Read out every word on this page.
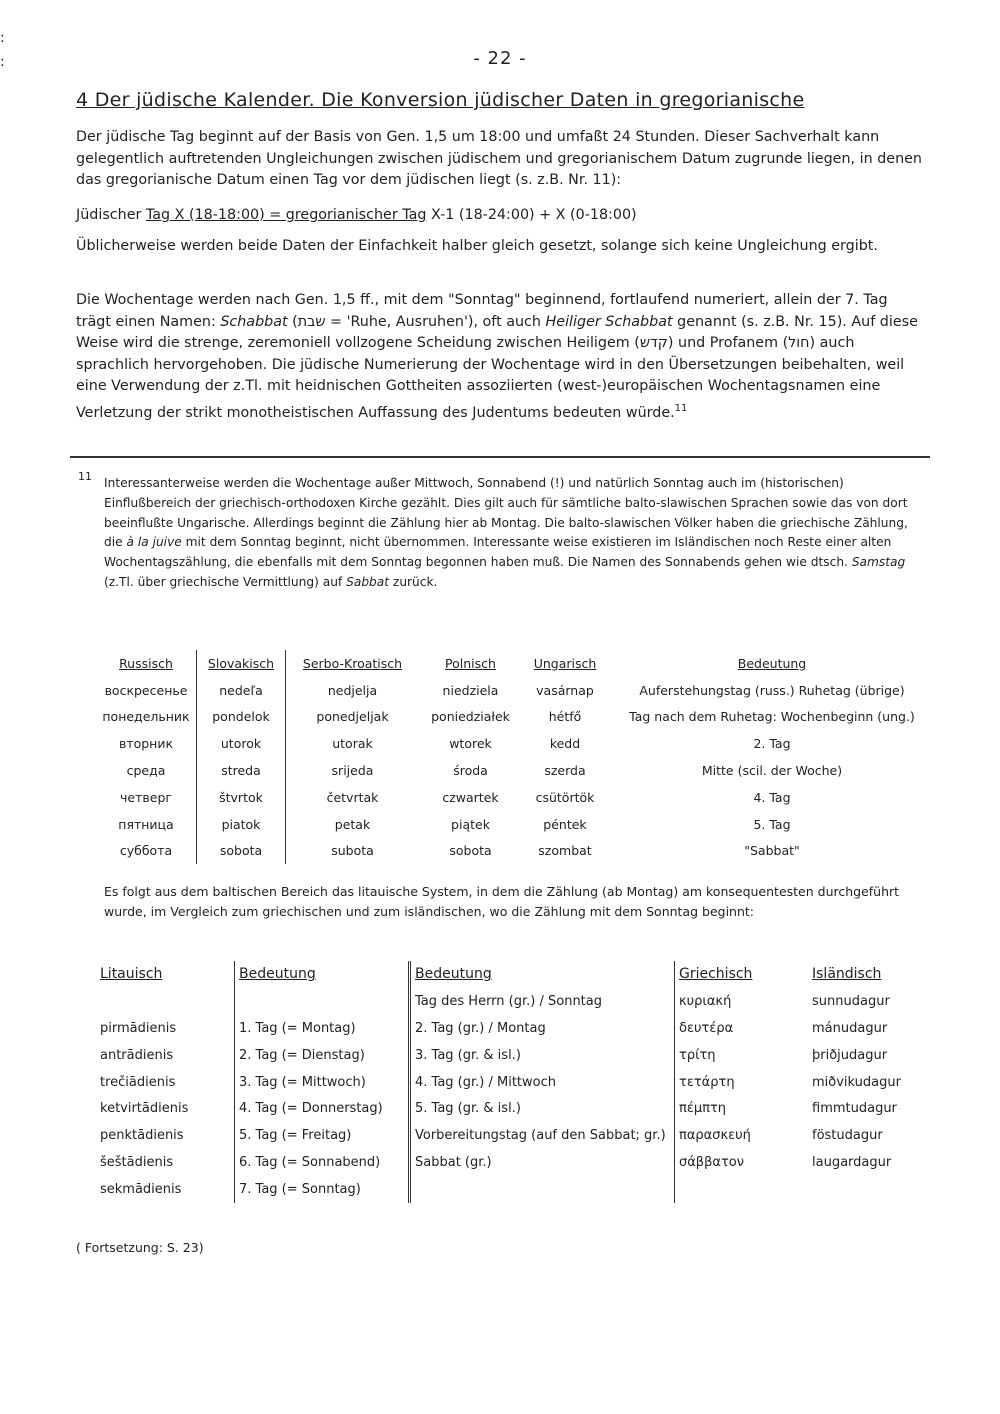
:
:	- 22 -
4 Der jüdische Kalender. Die Konversion jüdischer Daten in gregorianische
Der jüdische Tag beginnt auf der Basis von Gen. 1,5 um 18:00 und umfaßt 24 Stunden. Dieser Sachverhalt kann gelegentlich auftretenden Ungleichungen zwischen jüdischem und gregorianischem Datum zugrunde liegen, in denen das gregorianische Datum einen Tag vor dem jüdischen liegt (s. z.B. Nr. 11):
Jüdischer Tag X (18-18:00) = gregorianischer Tag X-1 (18-24:00) + X (0-18:00)
Üblicherweise werden beide Daten der Einfachkeit halber gleich gesetzt, solange sich keine Ungleichung ergibt.
Die Wochentage werden nach Gen. 1,5 ff., mit dem "Sonntag" beginnend, fortlaufend numeriert, allein der 7. Tag trägt einen Namen: Schabbat (שבת = 'Ruhe, Ausruhen'), oft auch Heiliger Schabbat genannt (s. z.B. Nr. 15). Auf diese Weise wird die strenge, zeremoniell vollzogene Scheidung zwischen Heiligem (קדש) und Profanem (חול) auch sprachlich hervorgehoben. Die jüdische Numerierung der Wochentage wird in den Übersetzungen beibehalten, weil eine Verwendung der z.Tl. mit heidnischen Gottheiten assoziierten (west-)europäischen Wochentagsnamen eine Verletzung der strikt monotheistischen Auffassung des Judentums bedeuten würde.$^{11}$
11 Interessanterweise werden die Wochentage außer Mittwoch, Sonnabend (!) und natürlich Sonntag auch im (historischen) Einflußbereich der griechisch-orthodoxen Kirche gezählt. Dies gilt auch für sämtliche balto-slawischen Sprachen sowie das von dort beeinflußte Ungarische. Allerdings beginnt die Zählung hier ab Montag. Die balto-slawischen Völker haben die griechische Zählung, die à la juive mit dem Sonntag beginnt, nicht übernommen. Interessante weise existieren im Isländischen noch Reste einer alten Wochentagszählung, die ebenfalls mit dem Sonntag begonnen haben muß. Die Namen des Sonnabends gehen wie dtsch. Samstag (z.Tl. über griechische Vermittlung) auf Sabbat zurück.
Russisch	Slovakisch	Serbo-Kroatisch	Polnisch	Ungarisch	Bedeutung
воскресенье	nedeľa	nedjelja	niedziela	vasárnap	Auferstehungstag (russ.) Ruhetag (übrige)
понедельник	pondelok	ponedjeljak	poniedziałek	hétfő	Tag nach dem Ruhetag: Wochenbeginn (ung.)
вторник	utorok	utorak	wtorek	kedd	2. Tag
среда	streda	srijeda	środa	szerda	Mitte (scil. der Woche)
четверг	štvrtok	četvrtak	czwartek	csütörtök	4. Tag
пятница	piatok	petak	piątek	péntek	5. Tag
суббота	sobota	subota	sobota	szombat	"Sabbat"
Es folgt aus dem baltischen Bereich das litauische System, in dem die Zählung (ab Montag) am konsequentesten durchgeführt wurde, im Vergleich zum griechischen und zum isländischen, wo die Zählung mit dem Sonntag beginnt:
Litauisch	Bedeutung	Bedeutung	Griechisch	Isländisch
		Tag des Herrn (gr.) / Sonntag	κυριακή	sunnudagur
pirmādienis	1. Tag (= Montag)	2. Tag (gr.) / Montag	δευτέρα	mánudagur
antrādienis	2. Tag (= Dienstag)	3. Tag (gr. & isl.)	τρίτη	þriðjudagur
trečiādienis	3. Tag (= Mittwoch)	4. Tag (gr.) / Mittwoch	τετάρτη	miðvikudagur
ketvirtādienis	4. Tag (= Donnerstag)	5. Tag (gr. & isl.)	πέμπτη	fimmtudagur
penktādienis	5. Tag (= Freitag)	Vorbereitungstag (auf den Sabbat; gr.)	παρασκευή	föstudagur
šeštādienis	6. Tag (= Sonnabend)	Sabbat (gr.)	σάββατον	laugardagur
sekmādienis	7. Tag (= Sonntag)			
( Fortsetzung: S. 23)
